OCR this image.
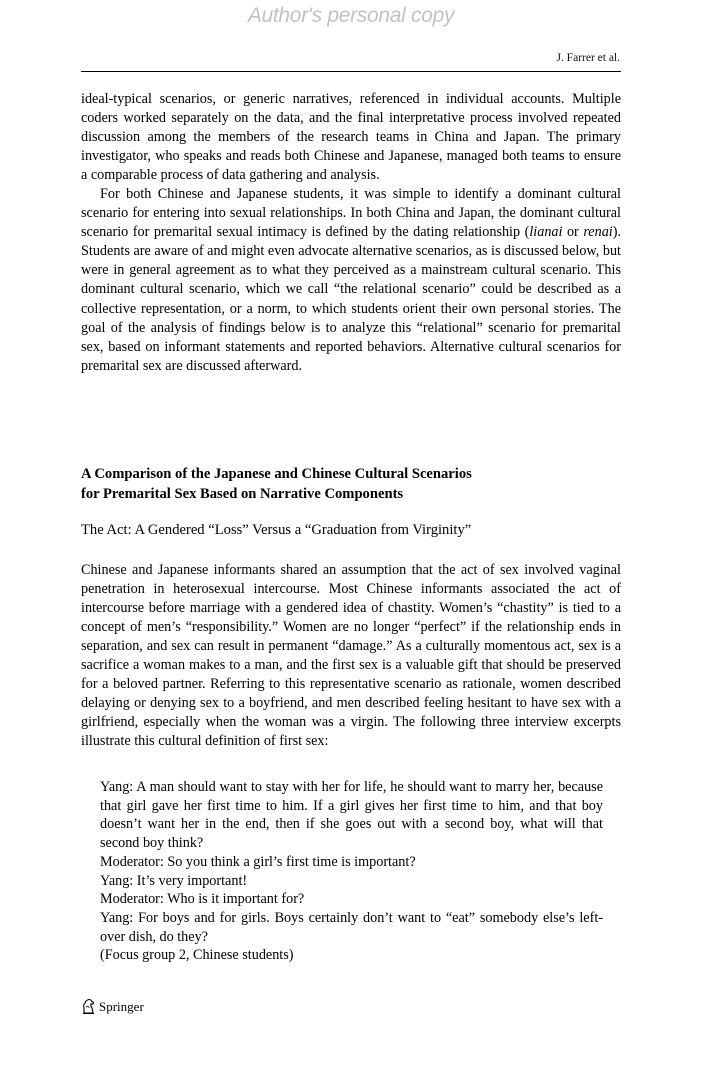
Author's personal copy
J. Farrer et al.

ideal-typical scenarios, or generic narratives, referenced in individual accounts. Multiple coders worked separately on the data, and the final interpretative process involved repeated discussion among the members of the research teams in China and Japan. The primary investigator, who speaks and reads both Chinese and Japanese, managed both teams to ensure a comparable process of data gathering and analysis.

For both Chinese and Japanese students, it was simple to identify a dominant cultural scenario for entering into sexual relationships. In both China and Japan, the dominant cultural scenario for premarital sexual intimacy is defined by the dating relationship (lianai or renai). Students are aware of and might even advocate alternative scenarios, as is discussed below, but were in general agreement as to what they perceived as a mainstream cultural scenario. This dominant cultural scenario, which we call “the relational scenario” could be described as a collective representation, or a norm, to which students orient their own personal stories. The goal of the analysis of findings below is to analyze this “relational” scenario for premarital sex, based on informant statements and reported behaviors. Alternative cultural scenarios for premarital sex are discussed afterward.

A Comparison of the Japanese and Chinese Cultural Scenarios
for Premarital Sex Based on Narrative Components
The Act: A Gendered “Loss” Versus a “Graduation from Virginity”

Chinese and Japanese informants shared an assumption that the act of sex involved vaginal penetration in heterosexual intercourse. Most Chinese informants associated the act of intercourse before marriage with a gendered idea of chastity. Women’s “chastity” is tied to a concept of men’s “responsibility.” Women are no longer “perfect” if the relationship ends in separation, and sex can result in permanent “damage.” As a culturally momentous act, sex is a sacrifice a woman makes to a man, and the first sex is a valuable gift that should be preserved for a beloved partner. Referring to this representative scenario as rationale, women described delaying or denying sex to a boyfriend, and men described feeling hesitant to have sex with a girlfriend, especially when the woman was a virgin. The following three interview excerpts illustrate this cultural definition of first sex:

Yang: A man should want to stay with her for life, he should want to marry her, because that girl gave her first time to him. If a girl gives her first time to him, and that boy doesn’t want her in the end, then if she goes out with a second boy, what will that second boy think?

Moderator: So you think a girl’s first time is important?

Yang: It’s very important!

Moderator: Who is it important for?

Yang: For boys and for girls. Boys certainly don’t want to “eat” somebody else’s left-over dish, do they?

(Focus group 2, Chinese students)

Springer
